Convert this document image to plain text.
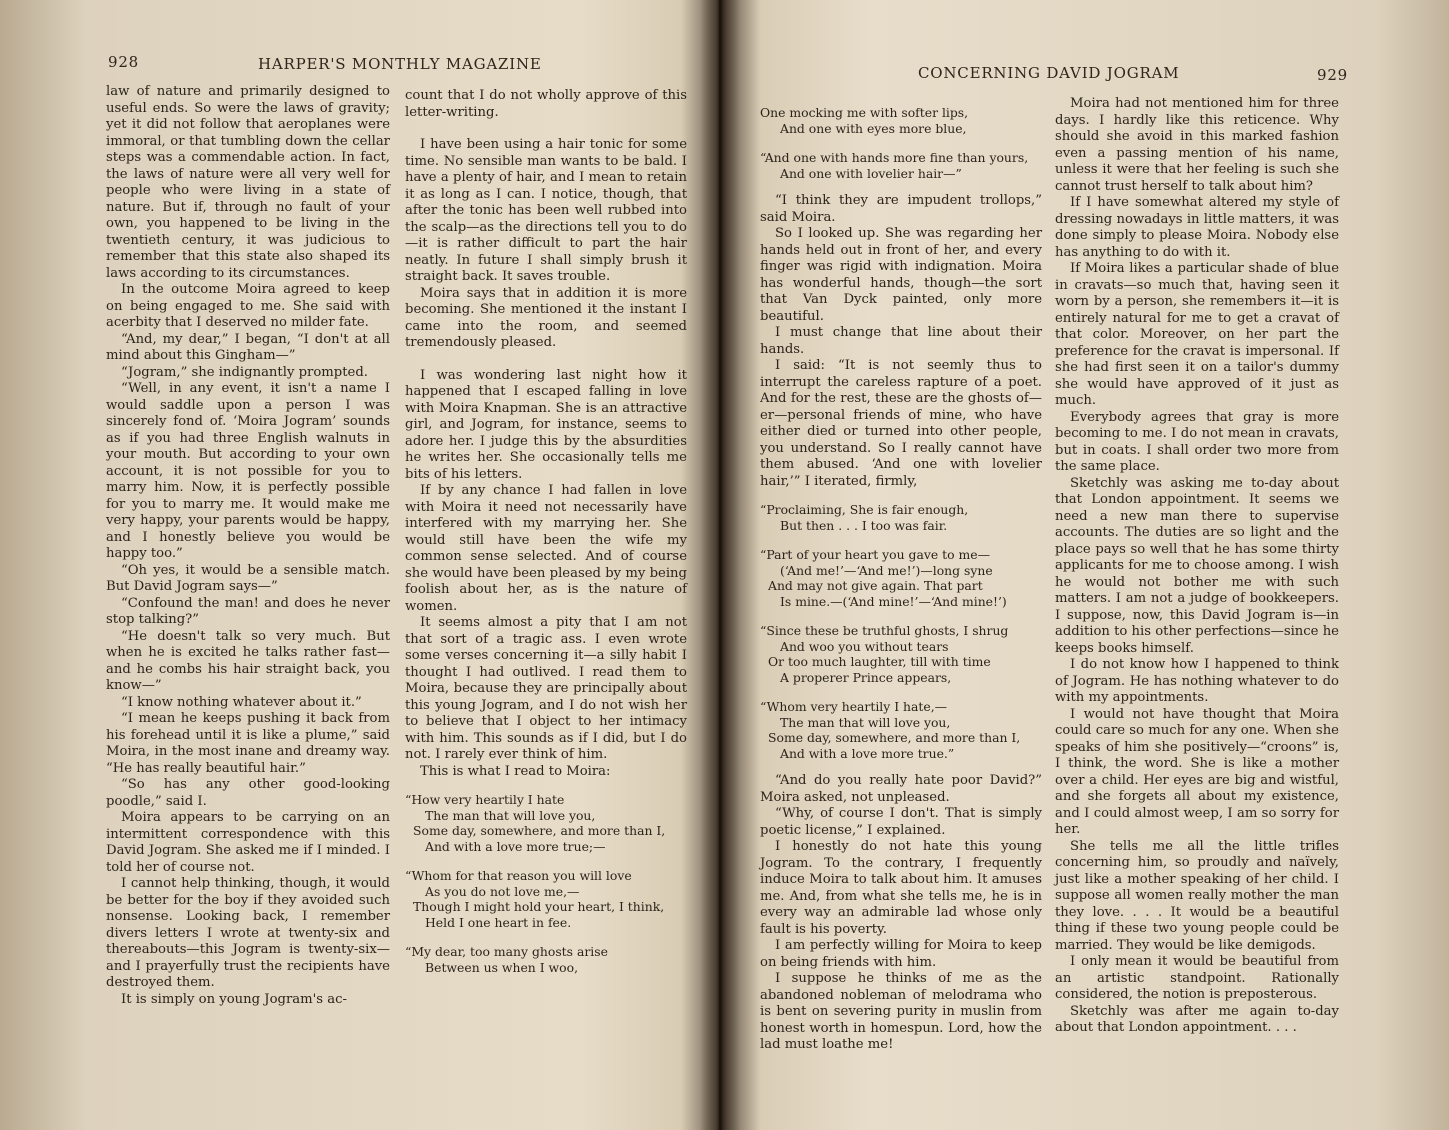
928	HARPER'S MONTHLY MAGAZINE	CONCERNING DAVID JOGRAM	929

law of nature and primarily designed to useful ends. So were the laws of gravity; yet it did not follow that aeroplanes were immoral, or that tumbling down the cellar steps was a commendable action. In fact, the laws of nature were all very well for people who were living in a state of nature. But if, through no fault of your own, you happened to be living in the twentieth century, it was judicious to remember that this state also shaped its laws according to its circumstances.

In the outcome Moira agreed to keep on being engaged to me. She said with acerbity that I deserved no milder fate.

“And, my dear,” I began, “I don't at all mind about this Gingham—”

“Jogram,” she indignantly prompted.

“Well, in any event, it isn't a name I would saddle upon a person I was sincerely fond of. ‘Moira Jogram’ sounds as if you had three English walnuts in your mouth. But according to your own account, it is not possible for you to marry him. Now, it is perfectly possible for you to marry me. It would make me very happy, your parents would be happy, and I honestly believe you would be happy too.”

“Oh yes, it would be a sensible match. But David Jogram says—”

“Confound the man! and does he never stop talking?”

“He doesn't talk so very much. But when he is excited he talks rather fast—and he combs his hair straight back, you know—”

“I know nothing whatever about it.”

“I mean he keeps pushing it back from his forehead until it is like a plume,” said Moira, in the most inane and dreamy way. “He has really beautiful hair.”

“So has any other good-looking poodle,” said I.

Moira appears to be carrying on an intermittent correspondence with this David Jogram. She asked me if I minded. I told her of course not.

I cannot help thinking, though, it would be better for the boy if they avoided such nonsense. Looking back, I remember divers letters I wrote at twenty-six and thereabouts—this Jogram is twenty-six—and I prayerfully trust the recipients have destroyed them.

It is simply on young Jogram's ac-

count that I do not wholly approve of this letter-writing.

I have been using a hair tonic for some time. No sensible man wants to be bald. I have a plenty of hair, and I mean to retain it as long as I can. I notice, though, that after the tonic has been well rubbed into the scalp—as the directions tell you to do—it is rather difficult to part the hair neatly. In future I shall simply brush it straight back. It saves trouble.

Moira says that in addition it is more becoming. She mentioned it the instant I came into the room, and seemed tremendously pleased.

I was wondering last night how it happened that I escaped falling in love with Moira Knapman. She is an attractive girl, and Jogram, for instance, seems to adore her. I judge this by the absurdities he writes her. She occasionally tells me bits of his letters.

If by any chance I had fallen in love with Moira it need not necessarily have interfered with my marrying her. She would still have been the wife my common sense selected. And of course she would have been pleased by my being foolish about her, as is the nature of women.

It seems almost a pity that I am not that sort of a tragic ass. I even wrote some verses concerning it—a silly habit I thought I had outlived. I read them to Moira, because they are principally about this young Jogram, and I do not wish her to believe that I object to her intimacy with him. This sounds as if I did, but I do not. I rarely ever think of him.

This is what I read to Moira:

“How very heartily I hate
The man that will love you,
Some day, somewhere, and more than I,
And with a love more true;—
“Whom for that reason you will love
As you do not love me,—
Though I might hold your heart, I think,
Held I one heart in fee.
“My dear, too many ghosts arise
Between us when I woo,
One mocking me with softer lips,
And one with eyes more blue,
“And one with hands more fine than yours,
And one with lovelier hair—”

“I think they are impudent trollops,” said Moira.

So I looked up. She was regarding her hands held out in front of her, and every finger was rigid with indignation. Moira has wonderful hands, though—the sort that Van Dyck painted, only more beautiful.

I must change that line about their hands.

I said: “It is not seemly thus to interrupt the careless rapture of a poet. And for the rest, these are the ghosts of—er—personal friends of mine, who have either died or turned into other people, you understand. So I really cannot have them abused. ‘And one with lovelier hair,’” I iterated, firmly,

“Proclaiming, She is fair enough,
But then . . . I too was fair.
“Part of your heart you gave to me—
(‘And me!’—‘And me!’)—long syne
And may not give again. That part
Is mine.—(‘And mine!’—‘And mine!’)
“Since these be truthful ghosts, I shrug
And woo you without tears
Or too much laughter, till with time
A properer Prince appears,
“Whom very heartily I hate,—
The man that will love you,
Some day, somewhere, and more than I,
And with a love more true.”

“And do you really hate poor David?” Moira asked, not unpleased.

“Why, of course I don't. That is simply poetic license,” I explained.

I honestly do not hate this young Jogram. To the contrary, I frequently induce Moira to talk about him. It amuses me. And, from what she tells me, he is in every way an admirable lad whose only fault is his poverty.

I am perfectly willing for Moira to keep on being friends with him.

I suppose he thinks of me as the abandoned nobleman of melodrama who is bent on severing purity in muslin from honest worth in homespun. Lord, how the lad must loathe me!

Moira had not mentioned him for three days. I hardly like this reticence. Why should she avoid in this marked fashion even a passing mention of his name, unless it were that her feeling is such she cannot trust herself to talk about him?

If I have somewhat altered my style of dressing nowadays in little matters, it was done simply to please Moira. Nobody else has anything to do with it.

If Moira likes a particular shade of blue in cravats—so much that, having seen it worn by a person, she remembers it—it is entirely natural for me to get a cravat of that color. Moreover, on her part the preference for the cravat is impersonal. If she had first seen it on a tailor's dummy she would have approved of it just as much.

Everybody agrees that gray is more becoming to me. I do not mean in cravats, but in coats. I shall order two more from the same place.

Sketchly was asking me to-day about that London appointment. It seems we need a new man there to supervise accounts. The duties are so light and the place pays so well that he has some thirty applicants for me to choose among. I wish he would not bother me with such matters. I am not a judge of bookkeepers. I suppose, now, this David Jogram is—in addition to his other perfections—since he keeps books himself.

I do not know how I happened to think of Jogram. He has nothing whatever to do with my appointments.

I would not have thought that Moira could care so much for any one. When she speaks of him she positively—“croons” is, I think, the word. She is like a mother over a child. Her eyes are big and wistful, and she forgets all about my existence, and I could almost weep, I am so sorry for her.

She tells me all the little trifles concerning him, so proudly and naïvely, just like a mother speaking of her child. I suppose all women really mother the man they love. . . . It would be a beautiful thing if these two young people could be married. They would be like demigods.

I only mean it would be beautiful from an artistic standpoint. Rationally considered, the notion is preposterous.

Sketchly was after me again to-day about that London appointment. . . .
